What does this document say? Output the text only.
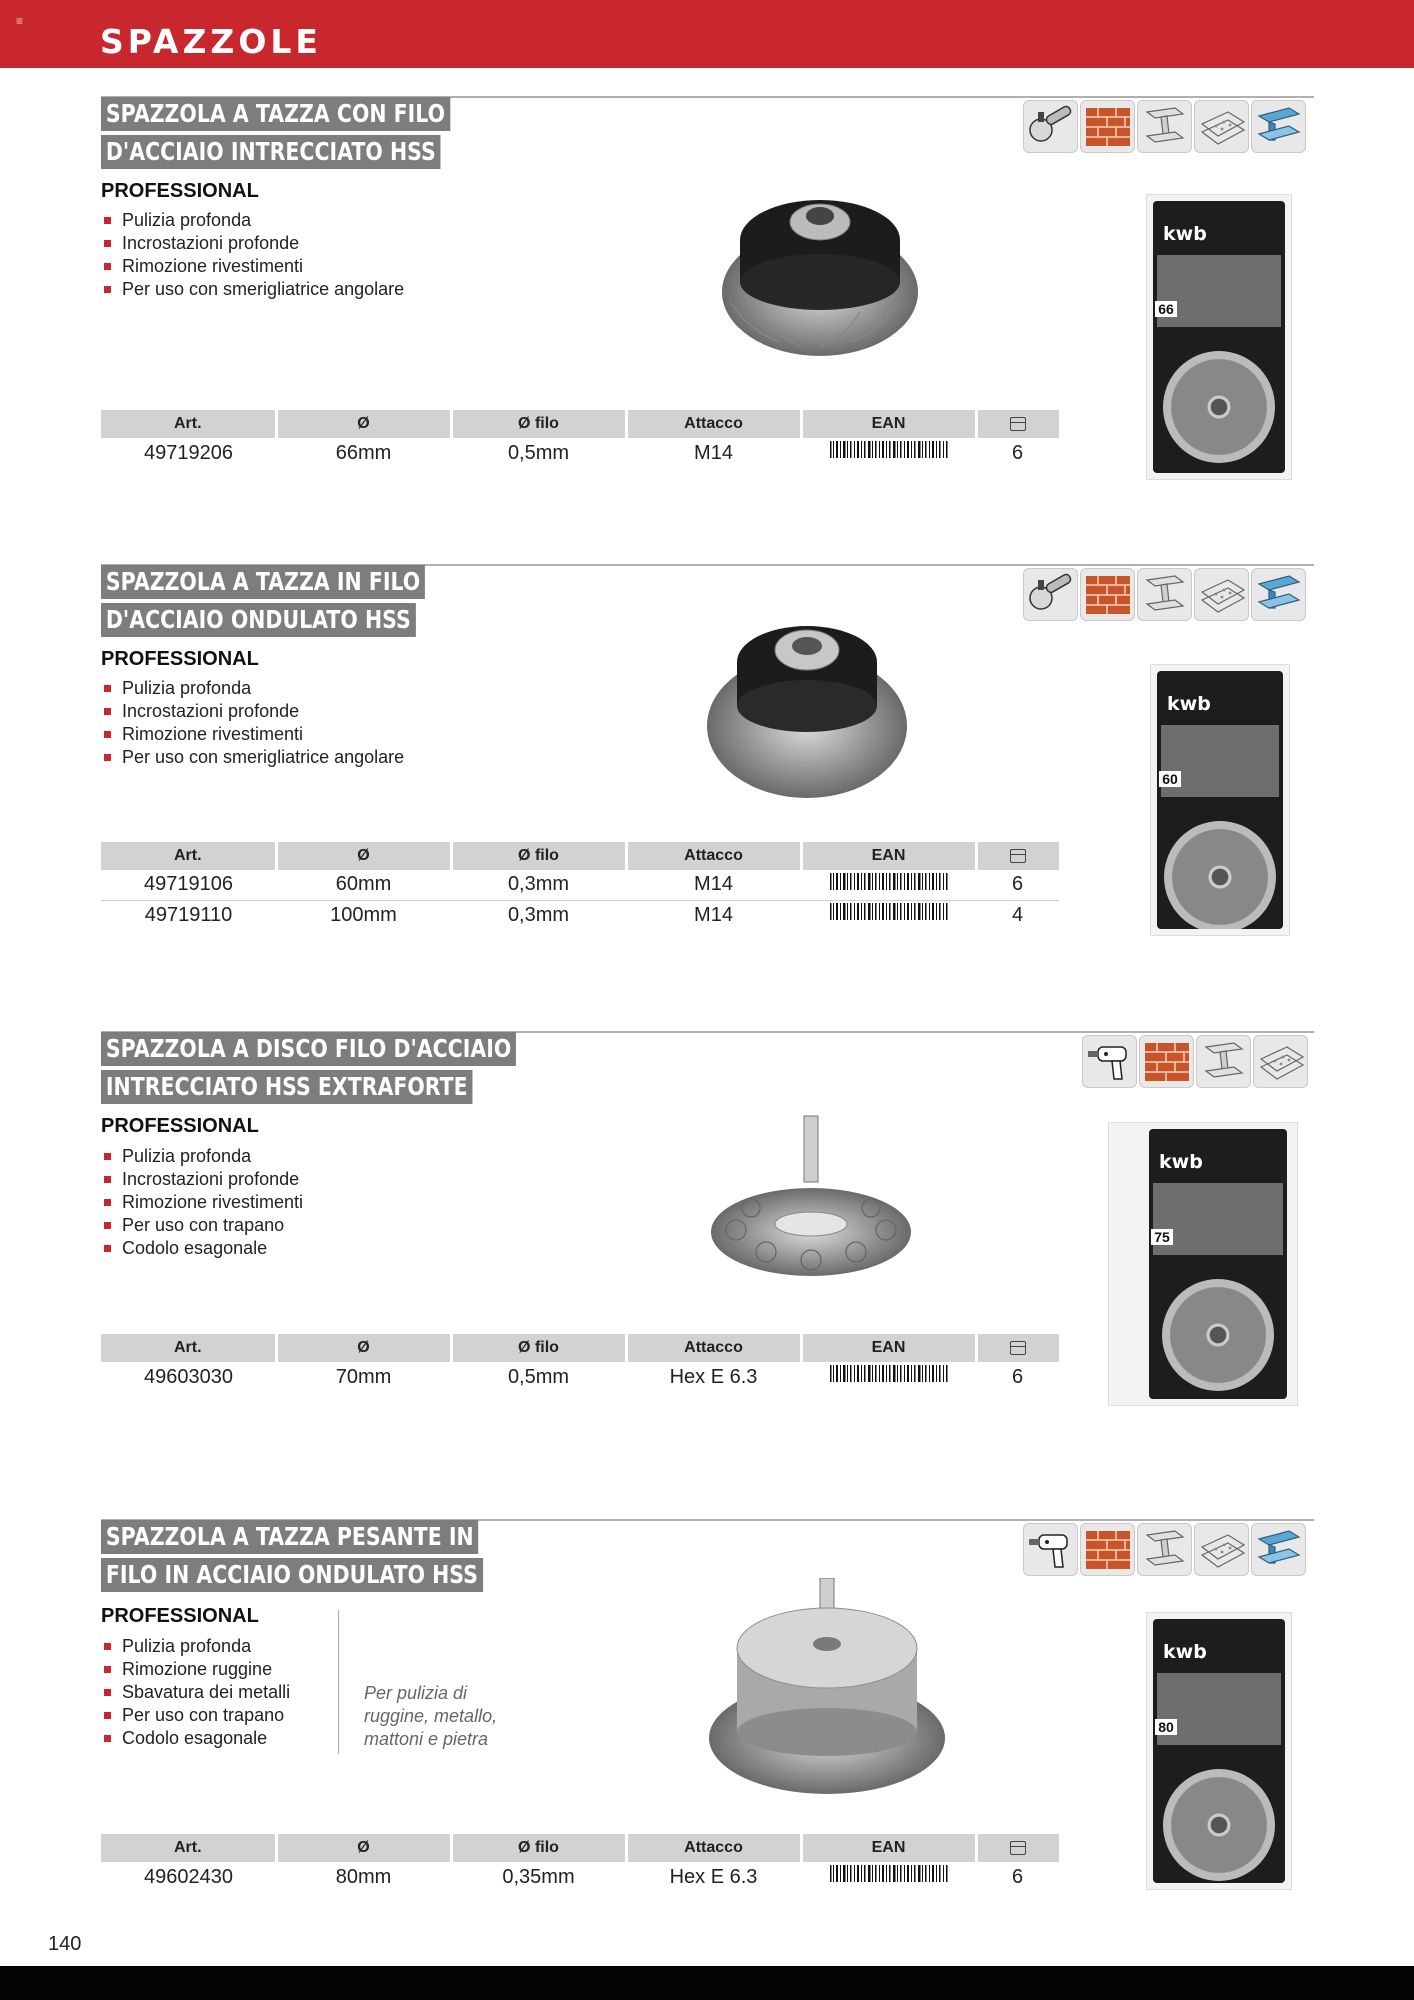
≡
SPAZZOLE
SPAZZOLA A TAZZA CON FILO
D'ACCIAIO INTRECCIATO HSS
PROFESSIONAL
Pulizia profonda
Incrostazioni profonde
Rimozione rivestimenti
Per uso con smerigliatrice angolare
kwb
66
Art.	Ø	Ø filo	Attacco	EAN	
49719206	66mm	0,5mm	M14		6
SPAZZOLA A TAZZA IN FILO
D'ACCIAIO ONDULATO HSS
PROFESSIONAL
Pulizia profonda
Incrostazioni profonde
Rimozione rivestimenti
Per uso con smerigliatrice angolare
kwb
60
Art.	Ø	Ø filo	Attacco	EAN	
49719106	60mm	0,3mm	M14		6
49719110	100mm	0,3mm	M14		4
SPAZZOLA A DISCO FILO D'ACCIAIO
INTRECCIATO HSS EXTRAFORTE
PROFESSIONAL
Pulizia profonda
Incrostazioni profonde
Rimozione rivestimenti
Per uso con trapano
Codolo esagonale
kwb
75
Art.	Ø	Ø filo	Attacco	EAN	
49603030	70mm	0,5mm	Hex E 6.3		6
SPAZZOLA A TAZZA PESANTE IN
FILO IN ACCIAIO ONDULATO HSS
PROFESSIONAL
Pulizia profonda
Rimozione ruggine
Sbavatura dei metalli
Per uso con trapano
Codolo esagonale
Per pulizia di
ruggine, metallo,
mattoni e pietra
kwb
80
Art.	Ø	Ø filo	Attacco	EAN	
49602430	80mm	0,35mm	Hex E 6.3		6
140
